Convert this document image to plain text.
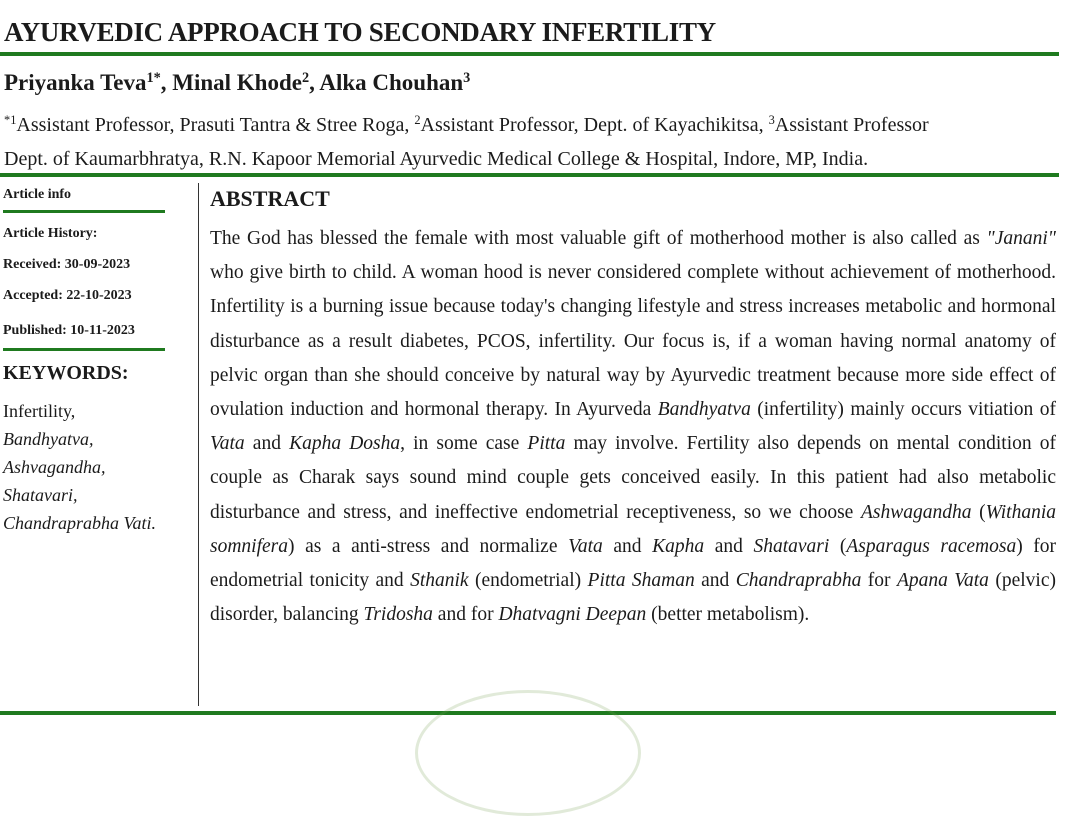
AYURVEDIC APPROACH TO SECONDARY INFERTILITY
Priyanka Teva$^{1*}$, Minal Khode$^2$, Alka Chouhan$^3$
$^{*1}$Assistant Professor, Prasuti Tantra & Stree Roga, $^2$Assistant Professor, Dept. of Kayachikitsa, $^3$Assistant Professor
Dept. of Kaumarbhratya, R.N. Kapoor Memorial Ayurvedic Medical College & Hospital, Indore, MP, India.
Article info
Article History:
Received: 30-09-2023
Accepted: 22-10-2023
Published: 10-11-2023
KEYWORDS:
Infertility,
Bandhyatva,
Ashvagandha,
Shatavari,
Chandraprabha Vati.
ABSTRACT
The God has blessed the female with most valuable gift of motherhood mother is also called as "Janani" who give birth to child. A woman hood is never considered complete without achievement of motherhood. Infertility is a burning issue because today's changing lifestyle and stress increases metabolic and hormonal disturbance as a result diabetes, PCOS, infertility. Our focus is, if a woman having normal anatomy of pelvic organ than she should conceive by natural way by Ayurvedic treatment because more side effect of ovulation induction and hormonal therapy. In Ayurveda Bandhyatva (infertility) mainly occurs vitiation of Vata and Kapha Dosha, in some case Pitta may involve. Fertility also depends on mental condition of couple as Charak says sound mind couple gets conceived easily. In this patient had also metabolic disturbance and stress, and ineffective endometrial receptiveness, so we choose Ashwagandha (Withania somnifera) as a anti-stress and normalize Vata and Kapha and Shatavari (Asparagus racemosa) for endometrial tonicity and Sthanik (endometrial) Pitta Shaman and Chandraprabha for Apana Vata (pelvic) disorder, balancing Tridosha and for Dhatvagni Deepan (better metabolism).
